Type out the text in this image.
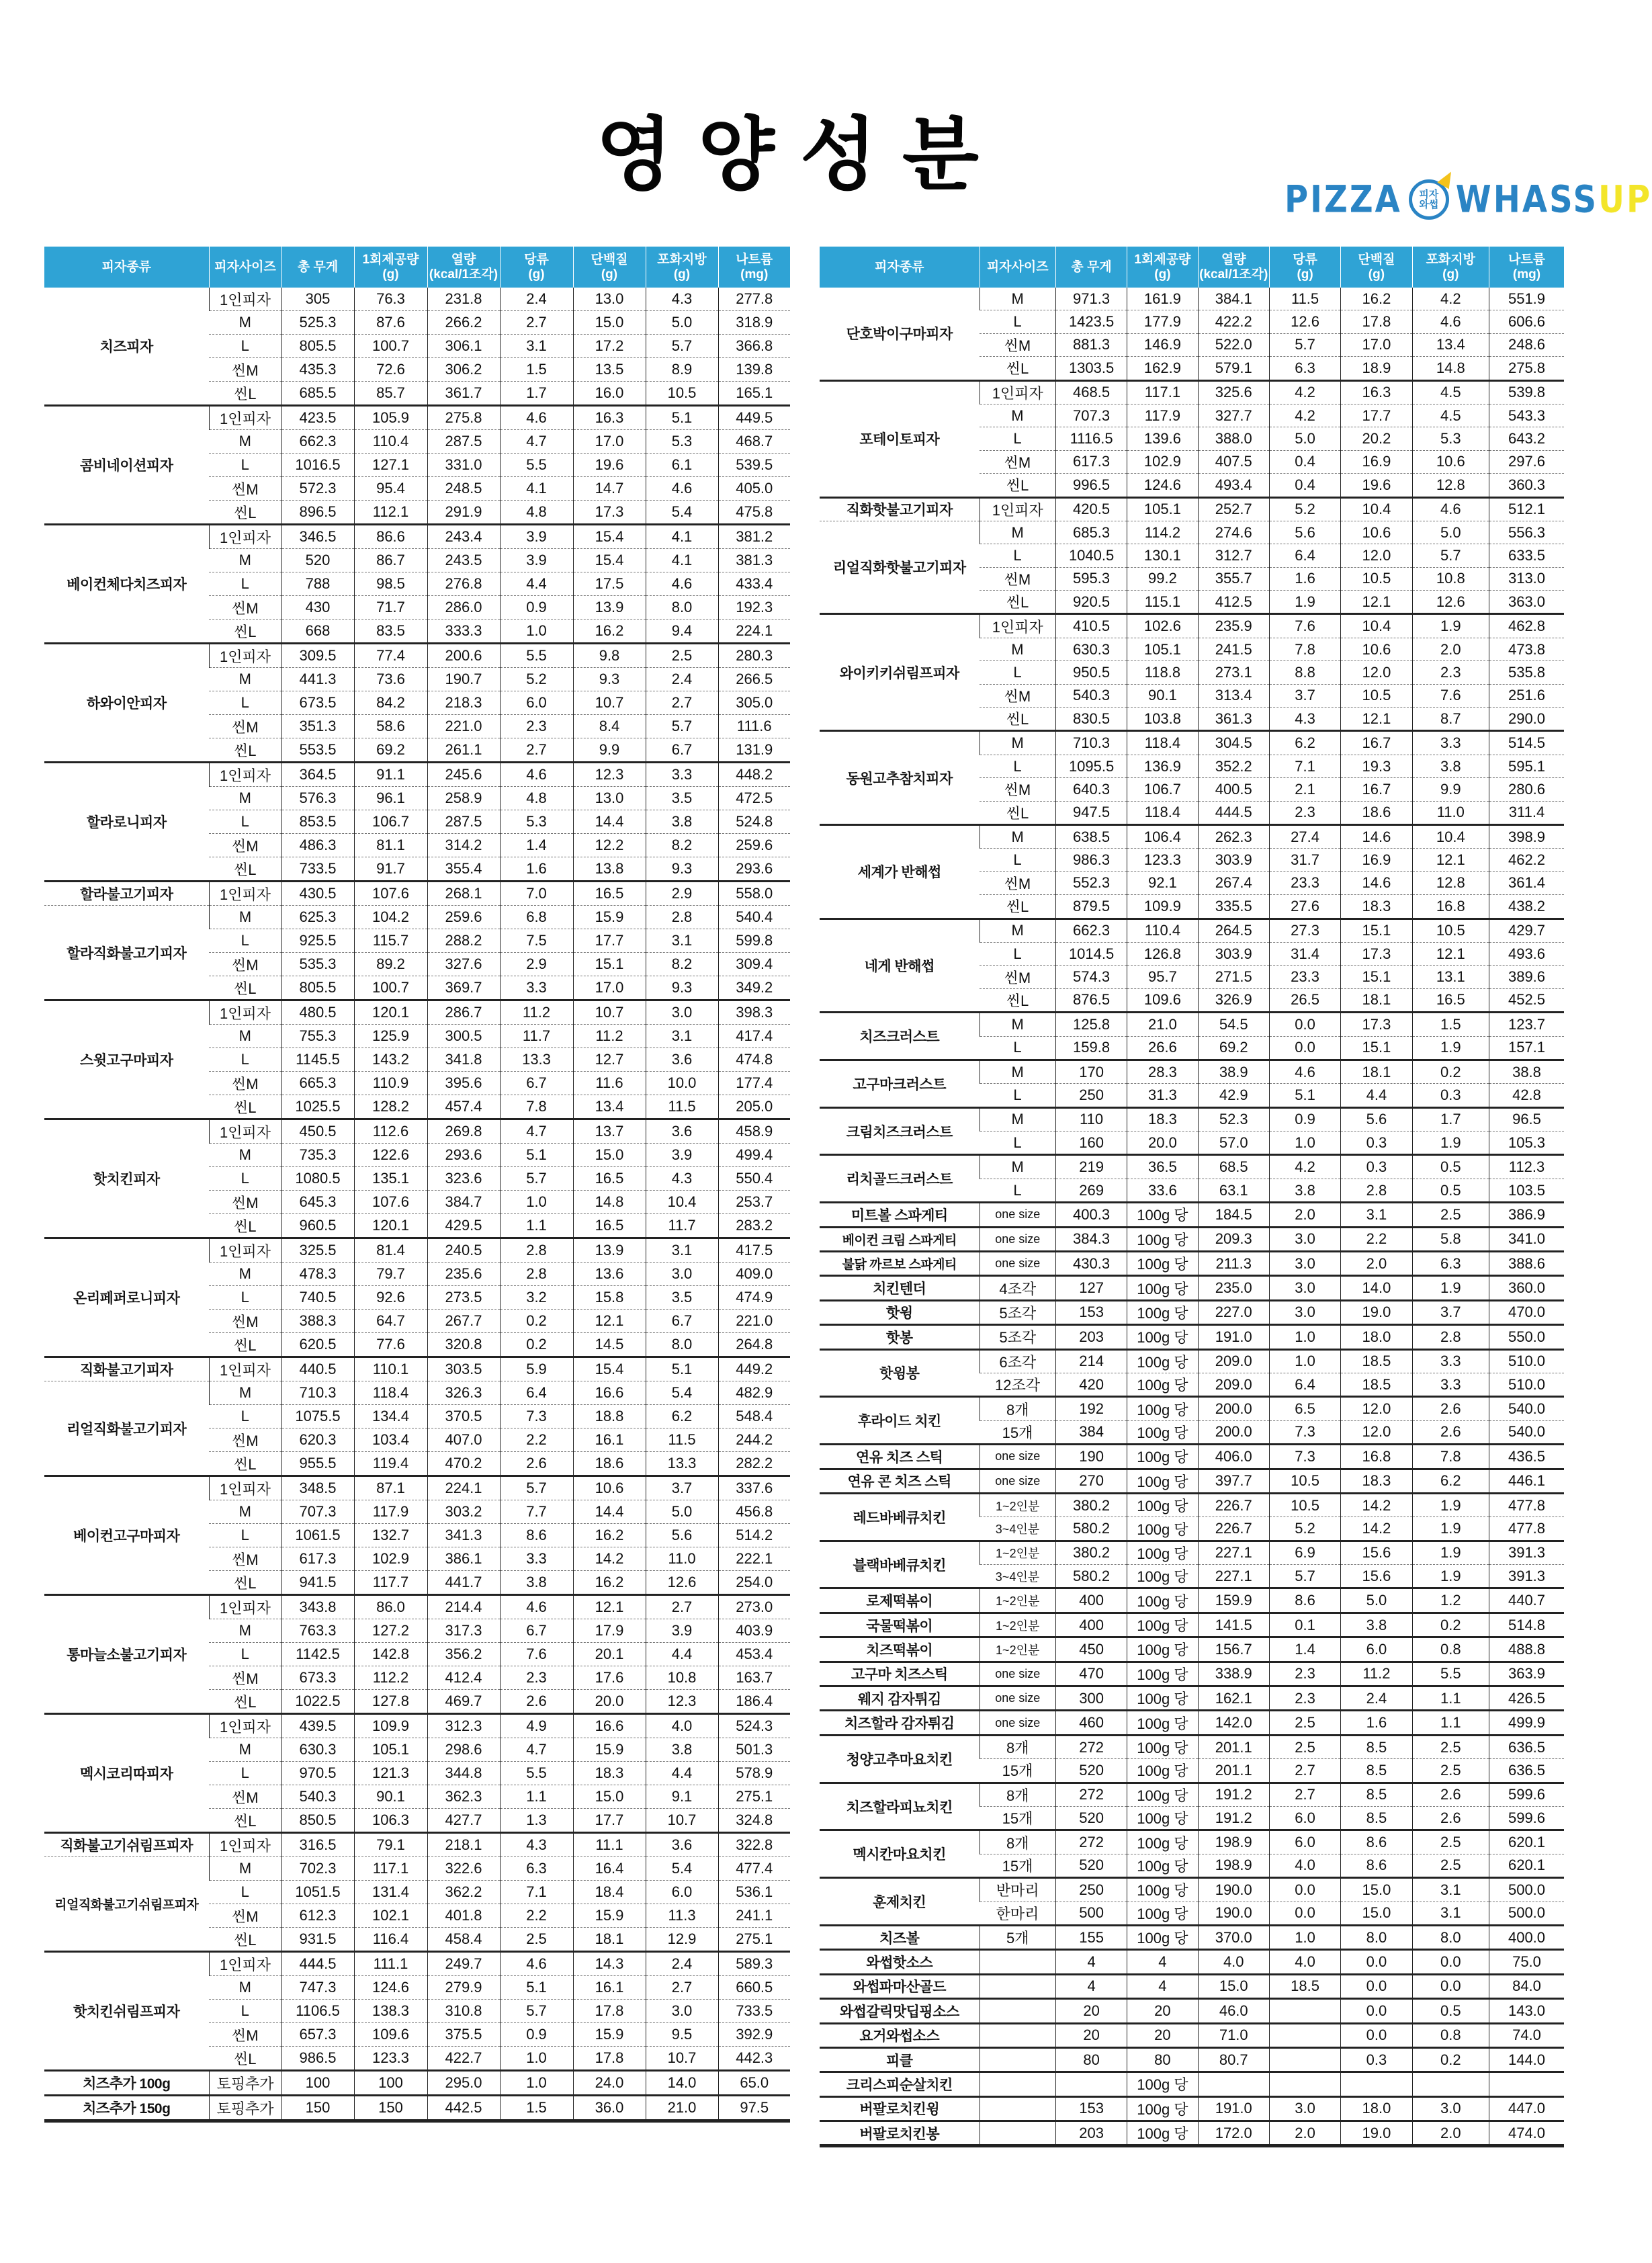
영양성분	PIZZA 피자
와썹 WHASSUP
피자종류	피자사이즈	총 무게	1회제공량
(g)	열량
(kcal/1조각)	당류
(g)	단백질
(g)	포화지방
(g)	나트륨
(mg)
치즈피자	1인피자	305	76.3	231.8	2.4	13.0	4.3	277.8
	M	525.3	87.6	266.2	2.7	15.0	5.0	318.9
	L	805.5	100.7	306.1	3.1	17.2	5.7	366.8
	씬M	435.3	72.6	306.2	1.5	13.5	8.9	139.8
	씬L	685.5	85.7	361.7	1.7	16.0	10.5	165.1
콤비네이션피자	1인피자	423.5	105.9	275.8	4.6	16.3	5.1	449.5
	M	662.3	110.4	287.5	4.7	17.0	5.3	468.7
	L	1016.5	127.1	331.0	5.5	19.6	6.1	539.5
	씬M	572.3	95.4	248.5	4.1	14.7	4.6	405.0
	씬L	896.5	112.1	291.9	4.8	17.3	5.4	475.8
베이컨체다치즈피자	1인피자	346.5	86.6	243.4	3.9	15.4	4.1	381.2
	M	520	86.7	243.5	3.9	15.4	4.1	381.3
	L	788	98.5	276.8	4.4	17.5	4.6	433.4
	씬M	430	71.7	286.0	0.9	13.9	8.0	192.3
	씬L	668	83.5	333.3	1.0	16.2	9.4	224.1
하와이안피자	1인피자	309.5	77.4	200.6	5.5	9.8	2.5	280.3
	M	441.3	73.6	190.7	5.2	9.3	2.4	266.5
	L	673.5	84.2	218.3	6.0	10.7	2.7	305.0
	씬M	351.3	58.6	221.0	2.3	8.4	5.7	111.6
	씬L	553.5	69.2	261.1	2.7	9.9	6.7	131.9
할라로니피자	1인피자	364.5	91.1	245.6	4.6	12.3	3.3	448.2
	M	576.3	96.1	258.9	4.8	13.0	3.5	472.5
	L	853.5	106.7	287.5	5.3	14.4	3.8	524.8
	씬M	486.3	81.1	314.2	1.4	12.2	8.2	259.6
	씬L	733.5	91.7	355.4	1.6	13.8	9.3	293.6
할라불고기피자	1인피자	430.5	107.6	268.1	7.0	16.5	2.9	558.0
할라직화불고기피자	M	625.3	104.2	259.6	6.8	15.9	2.8	540.4
	L	925.5	115.7	288.2	7.5	17.7	3.1	599.8
	씬M	535.3	89.2	327.6	2.9	15.1	8.2	309.4
	씬L	805.5	100.7	369.7	3.3	17.0	9.3	349.2
스윗고구마피자	1인피자	480.5	120.1	286.7	11.2	10.7	3.0	398.3
	M	755.3	125.9	300.5	11.7	11.2	3.1	417.4
	L	1145.5	143.2	341.8	13.3	12.7	3.6	474.8
	씬M	665.3	110.9	395.6	6.7	11.6	10.0	177.4
	씬L	1025.5	128.2	457.4	7.8	13.4	11.5	205.0
핫치킨피자	1인피자	450.5	112.6	269.8	4.7	13.7	3.6	458.9
	M	735.3	122.6	293.6	5.1	15.0	3.9	499.4
	L	1080.5	135.1	323.6	5.7	16.5	4.3	550.4
	씬M	645.3	107.6	384.7	1.0	14.8	10.4	253.7
	씬L	960.5	120.1	429.5	1.1	16.5	11.7	283.2
온리페퍼로니피자	1인피자	325.5	81.4	240.5	2.8	13.9	3.1	417.5
	M	478.3	79.7	235.6	2.8	13.6	3.0	409.0
	L	740.5	92.6	273.5	3.2	15.8	3.5	474.9
	씬M	388.3	64.7	267.7	0.2	12.1	6.7	221.0
	씬L	620.5	77.6	320.8	0.2	14.5	8.0	264.8
직화불고기피자	1인피자	440.5	110.1	303.5	5.9	15.4	5.1	449.2
리얼직화불고기피자	M	710.3	118.4	326.3	6.4	16.6	5.4	482.9
	L	1075.5	134.4	370.5	7.3	18.8	6.2	548.4
	씬M	620.3	103.4	407.0	2.2	16.1	11.5	244.2
	씬L	955.5	119.4	470.2	2.6	18.6	13.3	282.2
베이컨고구마피자	1인피자	348.5	87.1	224.1	5.7	10.6	3.7	337.6
	M	707.3	117.9	303.2	7.7	14.4	5.0	456.8
	L	1061.5	132.7	341.3	8.6	16.2	5.6	514.2
	씬M	617.3	102.9	386.1	3.3	14.2	11.0	222.1
	씬L	941.5	117.7	441.7	3.8	16.2	12.6	254.0
통마늘소불고기피자	1인피자	343.8	86.0	214.4	4.6	12.1	2.7	273.0
	M	763.3	127.2	317.3	6.7	17.9	3.9	403.9
	L	1142.5	142.8	356.2	7.6	20.1	4.4	453.4
	씬M	673.3	112.2	412.4	2.3	17.6	10.8	163.7
	씬L	1022.5	127.8	469.7	2.6	20.0	12.3	186.4
멕시코리따피자	1인피자	439.5	109.9	312.3	4.9	16.6	4.0	524.3
	M	630.3	105.1	298.6	4.7	15.9	3.8	501.3
	L	970.5	121.3	344.8	5.5	18.3	4.4	578.9
	씬M	540.3	90.1	362.3	1.1	15.0	9.1	275.1
	씬L	850.5	106.3	427.7	1.3	17.7	10.7	324.8
직화불고기쉬림프피자	1인피자	316.5	79.1	218.1	4.3	11.1	3.6	322.8
리얼직화불고기쉬림프피자	M	702.3	117.1	322.6	6.3	16.4	5.4	477.4
	L	1051.5	131.4	362.2	7.1	18.4	6.0	536.1
	씬M	612.3	102.1	401.8	2.2	15.9	11.3	241.1
	씬L	931.5	116.4	458.4	2.5	18.1	12.9	275.1
핫치킨쉬림프피자	1인피자	444.5	111.1	249.7	4.6	14.3	2.4	589.3
	M	747.3	124.6	279.9	5.1	16.1	2.7	660.5
	L	1106.5	138.3	310.8	5.7	17.8	3.0	733.5
	씬M	657.3	109.6	375.5	0.9	15.9	9.5	392.9
	씬L	986.5	123.3	422.7	1.0	17.8	10.7	442.3
치즈추가 100g	토핑추가	100	100	295.0	1.0	24.0	14.0	65.0
치즈추가 150g	토핑추가	150	150	442.5	1.5	36.0	21.0	97.5
피자종류	피자사이즈	총 무게	1회제공량
(g)	열량
(kcal/1조각)	당류
(g)	단백질
(g)	포화지방
(g)	나트륨
(mg)
단호박이구마피자	M	971.3	161.9	384.1	11.5	16.2	4.2	551.9
	L	1423.5	177.9	422.2	12.6	17.8	4.6	606.6
	씬M	881.3	146.9	522.0	5.7	17.0	13.4	248.6
	씬L	1303.5	162.9	579.1	6.3	18.9	14.8	275.8
포테이토피자	1인피자	468.5	117.1	325.6	4.2	16.3	4.5	539.8
	M	707.3	117.9	327.7	4.2	17.7	4.5	543.3
	L	1116.5	139.6	388.0	5.0	20.2	5.3	643.2
	씬M	617.3	102.9	407.5	0.4	16.9	10.6	297.6
	씬L	996.5	124.6	493.4	0.4	19.6	12.8	360.3
직화핫불고기피자	1인피자	420.5	105.1	252.7	5.2	10.4	4.6	512.1
리얼직화핫불고기피자	M	685.3	114.2	274.6	5.6	10.6	5.0	556.3
	L	1040.5	130.1	312.7	6.4	12.0	5.7	633.5
	씬M	595.3	99.2	355.7	1.6	10.5	10.8	313.0
	씬L	920.5	115.1	412.5	1.9	12.1	12.6	363.0
와이키키쉬림프피자	1인피자	410.5	102.6	235.9	7.6	10.4	1.9	462.8
	M	630.3	105.1	241.5	7.8	10.6	2.0	473.8
	L	950.5	118.8	273.1	8.8	12.0	2.3	535.8
	씬M	540.3	90.1	313.4	3.7	10.5	7.6	251.6
	씬L	830.5	103.8	361.3	4.3	12.1	8.7	290.0
동원고추참치피자	M	710.3	118.4	304.5	6.2	16.7	3.3	514.5
	L	1095.5	136.9	352.2	7.1	19.3	3.8	595.1
	씬M	640.3	106.7	400.5	2.1	16.7	9.9	280.6
	씬L	947.5	118.4	444.5	2.3	18.6	11.0	311.4
세계가 반해썹	M	638.5	106.4	262.3	27.4	14.6	10.4	398.9
	L	986.3	123.3	303.9	31.7	16.9	12.1	462.2
	씬M	552.3	92.1	267.4	23.3	14.6	12.8	361.4
	씬L	879.5	109.9	335.5	27.6	18.3	16.8	438.2
네게 반해썹	M	662.3	110.4	264.5	27.3	15.1	10.5	429.7
	L	1014.5	126.8	303.9	31.4	17.3	12.1	493.6
	씬M	574.3	95.7	271.5	23.3	15.1	13.1	389.6
	씬L	876.5	109.6	326.9	26.5	18.1	16.5	452.5
치즈크러스트	M	125.8	21.0	54.5	0.0	17.3	1.5	123.7
	L	159.8	26.6	69.2	0.0	15.1	1.9	157.1
고구마크러스트	M	170	28.3	38.9	4.6	18.1	0.2	38.8
	L	250	31.3	42.9	5.1	4.4	0.3	42.8
크림치즈크러스트	M	110	18.3	52.3	0.9	5.6	1.7	96.5
	L	160	20.0	57.0	1.0	0.3	1.9	105.3
리치골드크러스트	M	219	36.5	68.5	4.2	0.3	0.5	112.3
	L	269	33.6	63.1	3.8	2.8	0.5	103.5
미트볼 스파게티	one size	400.3	100g 당	184.5	2.0	3.1	2.5	386.9
베이컨 크림 스파게티	one size	384.3	100g 당	209.3	3.0	2.2	5.8	341.0
불닭 까르보 스파게티	one size	430.3	100g 당	211.3	3.0	2.0	6.3	388.6
치킨텐더	4조각	127	100g 당	235.0	3.0	14.0	1.9	360.0
핫윙	5조각	153	100g 당	227.0	3.0	19.0	3.7	470.0
핫봉	5조각	203	100g 당	191.0	1.0	18.0	2.8	550.0
핫윙봉	6조각	214	100g 당	209.0	1.0	18.5	3.3	510.0
	12조각	420	100g 당	209.0	6.4	18.5	3.3	510.0
후라이드 치킨	8개	192	100g 당	200.0	6.5	12.0	2.6	540.0
	15개	384	100g 당	200.0	7.3	12.0	2.6	540.0
연유 치즈 스틱	one size	190	100g 당	406.0	7.3	16.8	7.8	436.5
연유 콘 치즈 스틱	one size	270	100g 당	397.7	10.5	18.3	6.2	446.1
레드바베큐치킨	1~2인분	380.2	100g 당	226.7	10.5	14.2	1.9	477.8
	3~4인분	580.2	100g 당	226.7	5.2	14.2	1.9	477.8
블랙바베큐치킨	1~2인분	380.2	100g 당	227.1	6.9	15.6	1.9	391.3
	3~4인분	580.2	100g 당	227.1	5.7	15.6	1.9	391.3
로제떡볶이	1~2인분	400	100g 당	159.9	8.6	5.0	1.2	440.7
국물떡볶이	1~2인분	400	100g 당	141.5	0.1	3.8	0.2	514.8
치즈떡볶이	1~2인분	450	100g 당	156.7	1.4	6.0	0.8	488.8
고구마 치즈스틱	one size	470	100g 당	338.9	2.3	11.2	5.5	363.9
웨지 감자튀김	one size	300	100g 당	162.1	2.3	2.4	1.1	426.5
치즈할라 감자튀김	one size	460	100g 당	142.0	2.5	1.6	1.1	499.9
청양고추마요치킨	8개	272	100g 당	201.1	2.5	8.5	2.5	636.5
	15개	520	100g 당	201.1	2.7	8.5	2.5	636.5
치즈할라피뇨치킨	8개	272	100g 당	191.2	2.7	8.5	2.6	599.6
	15개	520	100g 당	191.2	6.0	8.5	2.6	599.6
멕시칸마요치킨	8개	272	100g 당	198.9	6.0	8.6	2.5	620.1
	15개	520	100g 당	198.9	4.0	8.6	2.5	620.1
훈제치킨	반마리	250	100g 당	190.0	0.0	15.0	3.1	500.0
	한마리	500	100g 당	190.0	0.0	15.0	3.1	500.0
치즈볼	5개	155	100g 당	370.0	1.0	8.0	8.0	400.0
와썹핫소스		4	4	4.0	4.0	0.0	0.0	75.0
와썹파마산골드		4	4	15.0	18.5	0.0	0.0	84.0
와썹갈릭맛딥핑소스		20	20	46.0		0.0	0.5	143.0
요거와썹소스		20	20	71.0		0.0	0.8	74.0
피클		80	80	80.7		0.3	0.2	144.0
크리스피순살치킨			100g 당					
버팔로치킨윙		153	100g 당	191.0	3.0	18.0	3.0	447.0
버팔로치킨봉		203	100g 당	172.0	2.0	19.0	2.0	474.0
